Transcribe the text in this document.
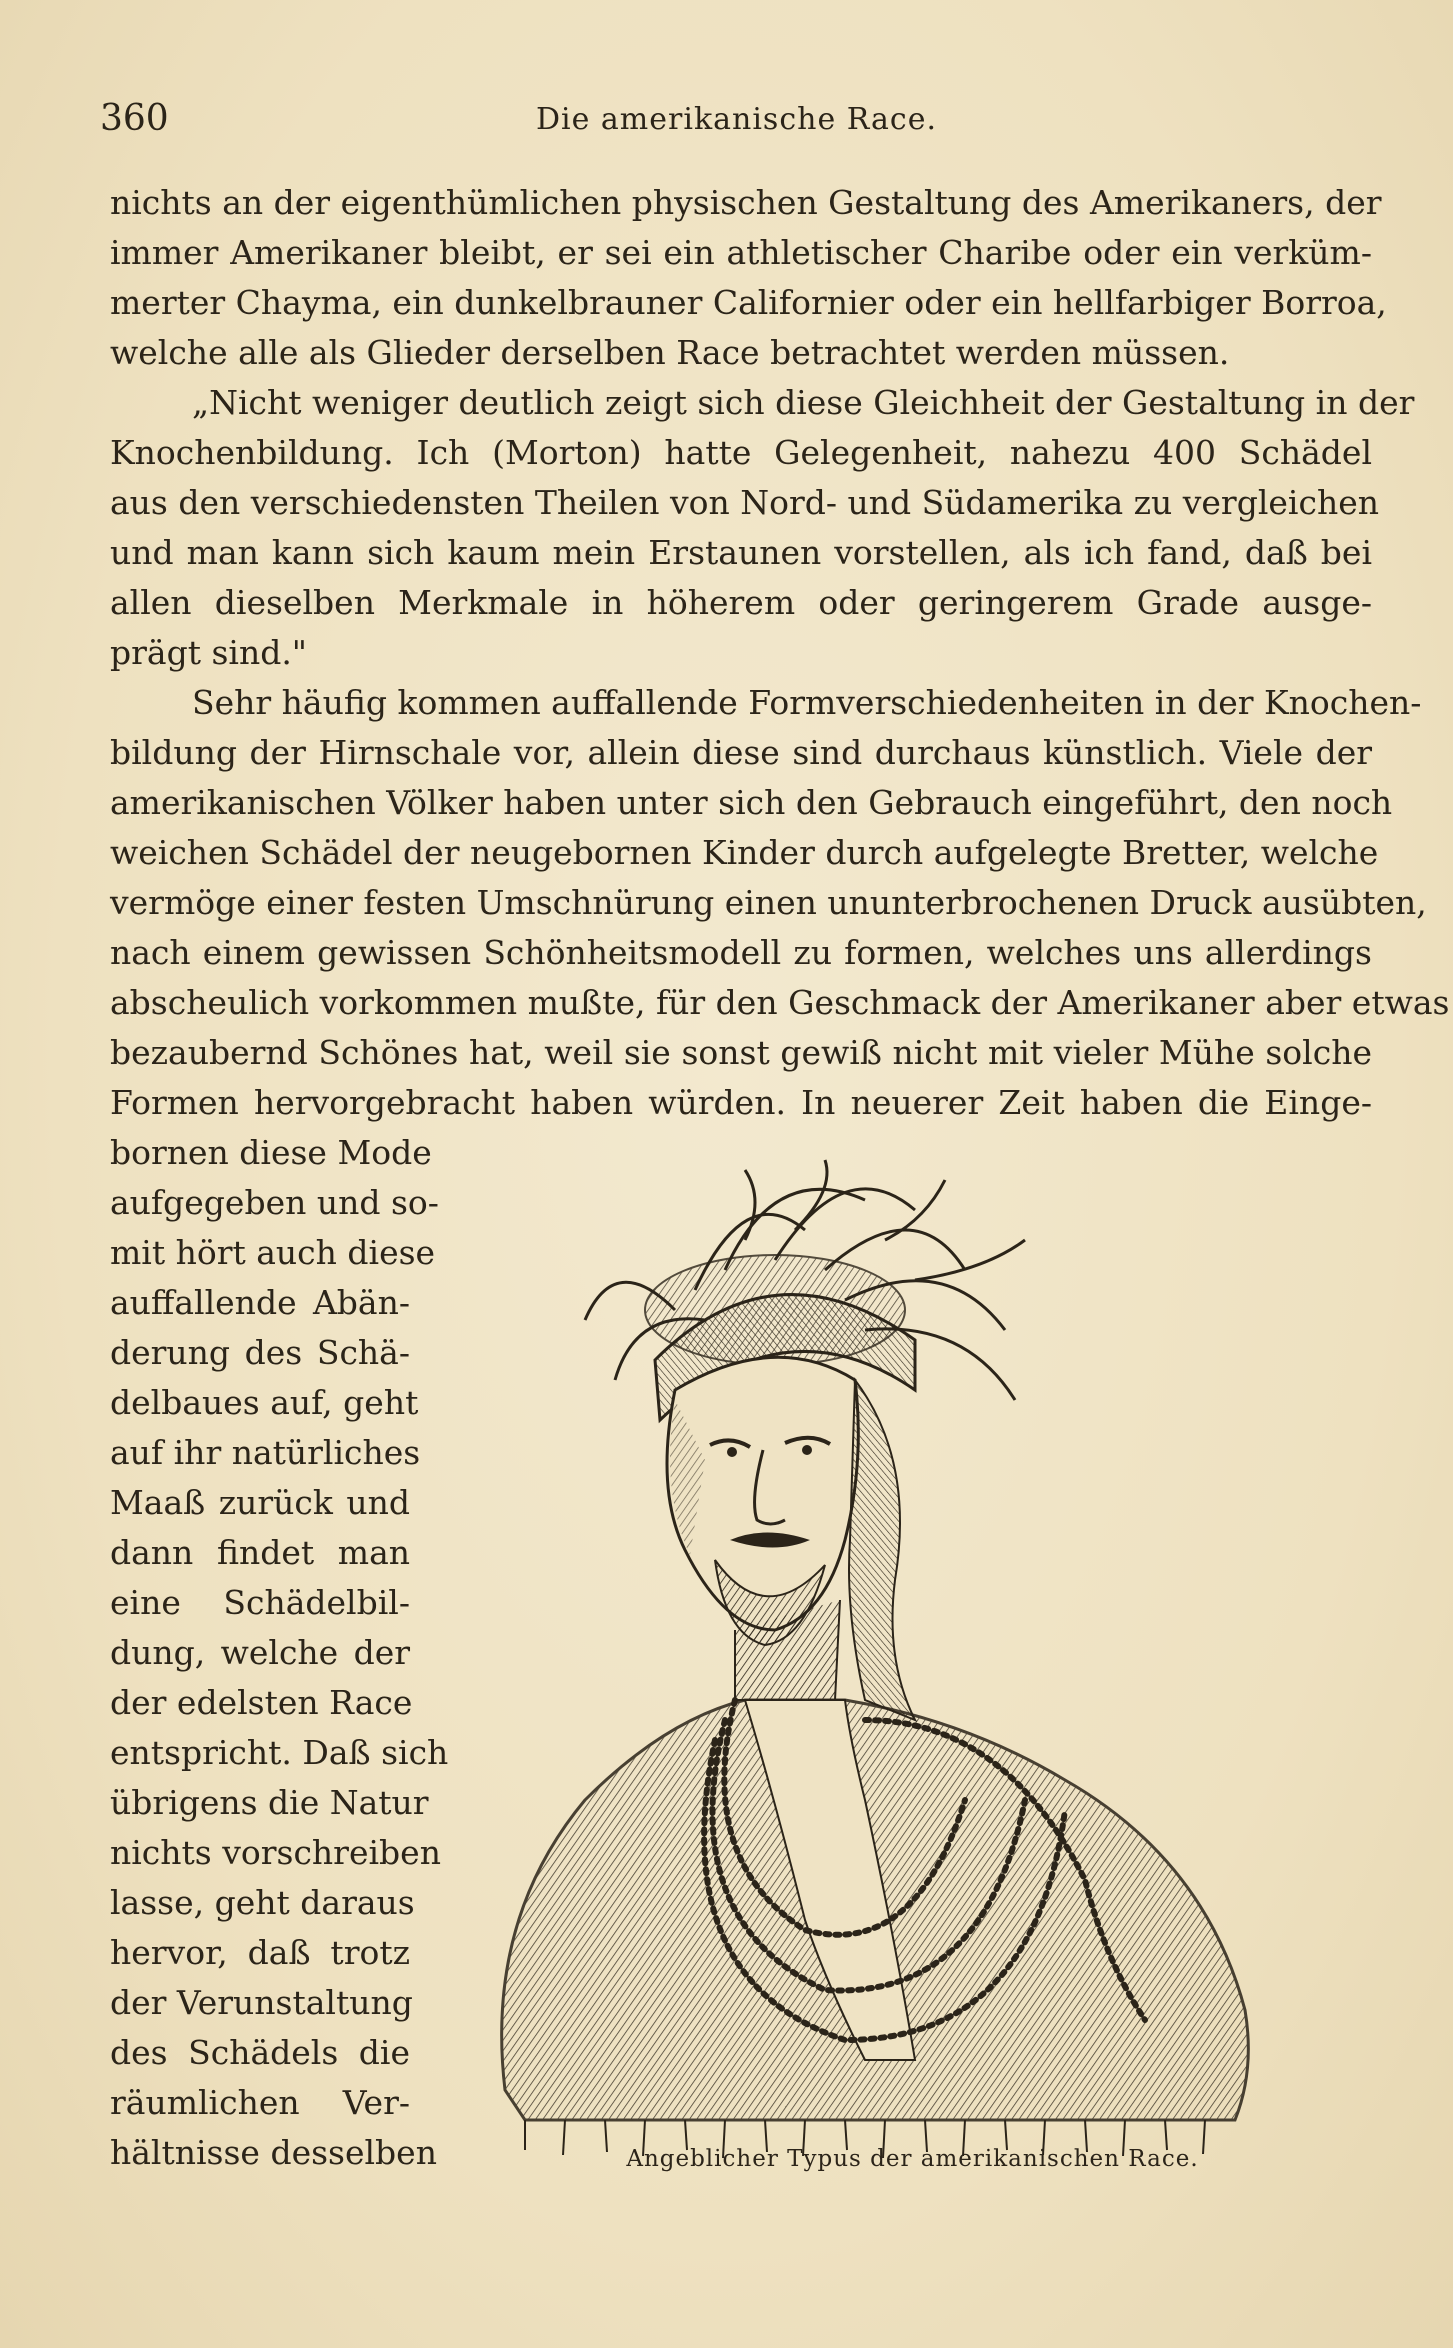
360	Die amerikanische Race.
nichts an der eigenthümlichen physischen Gestaltung des Amerikaners, der
immer Amerikaner bleibt, er sei ein athletischer Charibe oder ein verküm-
merter Chayma, ein dunkelbrauner Californier oder ein hellfarbiger Borroa,
welche alle als Glieder derselben Race betrachtet werden müssen.
„Nicht weniger deutlich zeigt sich diese Gleichheit der Gestaltung in der
Knochenbildung. Ich (Morton) hatte Gelegenheit, nahezu 400 Schädel
aus den verschiedensten Theilen von Nord- und Südamerika zu vergleichen
und man kann sich kaum mein Erstaunen vorstellen, als ich fand, daß bei
allen dieselben Merkmale in höherem oder geringerem Grade ausge-
prägt sind."
Sehr häufig kommen auffallende Formverschiedenheiten in der Knochen-
bildung der Hirnschale vor, allein diese sind durchaus künstlich. Viele der
amerikanischen Völker haben unter sich den Gebrauch eingeführt, den noch
weichen Schädel der neugebornen Kinder durch aufgelegte Bretter, welche
vermöge einer festen Umschnürung einen ununterbrochenen Druck ausübten,
nach einem gewissen Schönheitsmodell zu formen, welches uns allerdings
abscheulich vorkommen mußte, für den Geschmack der Amerikaner aber etwas
bezaubernd Schönes hat, weil sie sonst gewiß nicht mit vieler Mühe solche
Formen hervorgebracht haben würden. In neuerer Zeit haben die Einge-
bornen diese Mode
aufgegeben und so-
mit hört auch diese
auffallende Abän-
derung des Schä-
delbaues auf, geht
auf ihr natürliches
Maaß zurück und
dann findet man
eine Schädelbil-
dung, welche der
der edelsten Race
entspricht. Daß sich
übrigens die Natur
nichts vorschreiben
lasse, geht daraus
hervor, daß trotz
der Verunstaltung
des Schädels die
räumlichen Ver-
hältnisse desselben	Angeblicher Typus der amerikanischen Race.
